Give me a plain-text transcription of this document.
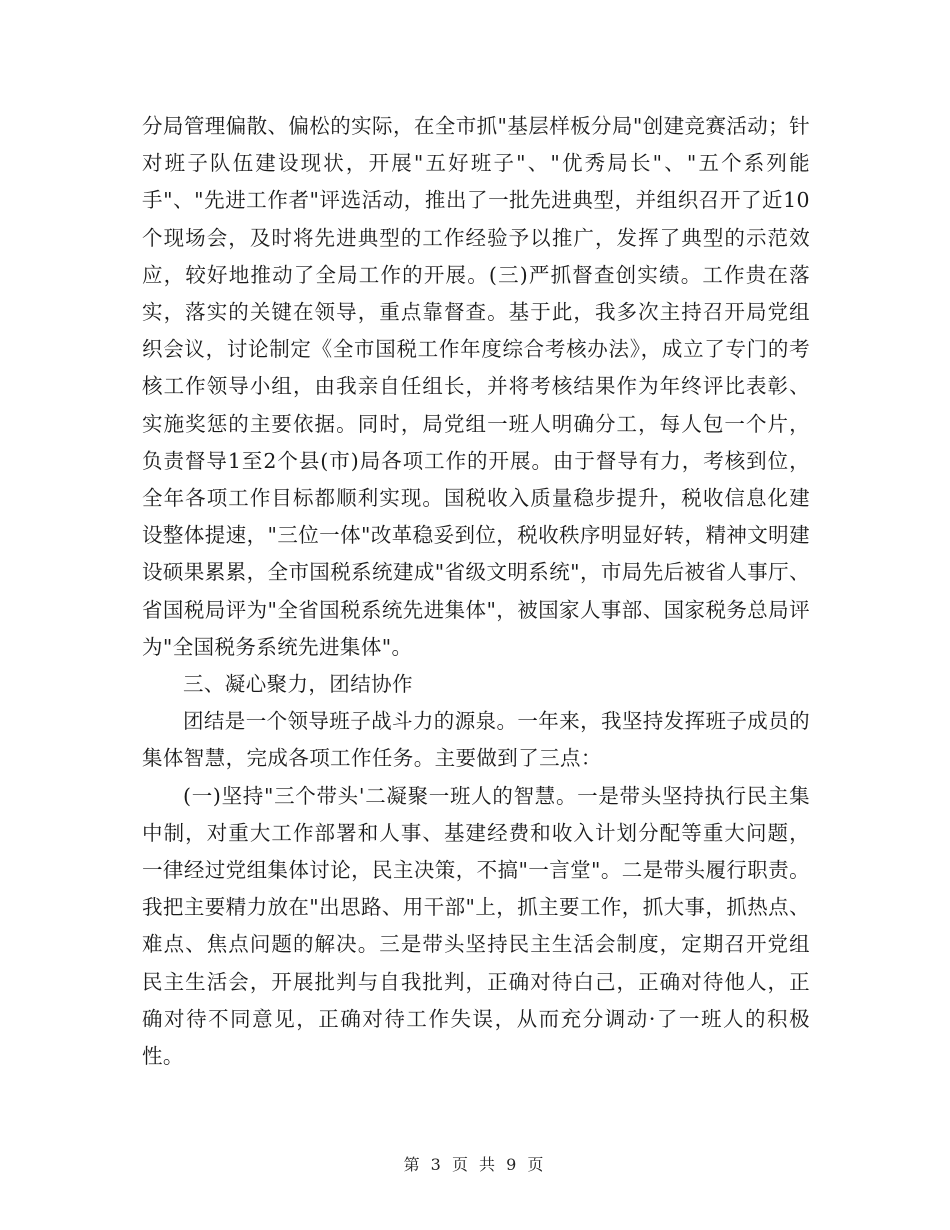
分局管理偏散、偏松的实际，在全市抓"基层样板分局"创建竞赛活动；针对班子队伍建设现状，开展"五好班子"、"优秀局长"、"五个系列能手"、"先进工作者"评选活动，推出了一批先进典型，并组织召开了近10个现场会，及时将先进典型的工作经验予以推广，发挥了典型的示范效应，较好地推动了全局工作的开展。(三)严抓督查创实绩。工作贵在落实，落实的关键在领导，重点靠督查。基于此，我多次主持召开局党组织会议，讨论制定《全市国税工作年度综合考核办法》，成立了专门的考核工作领导小组，由我亲自任组长，并将考核结果作为年终评比表彰、实施奖惩的主要依据。同时，局党组一班人明确分工，每人包一个片，负责督导1至2个县(市)局各项工作的开展。由于督导有力，考核到位，全年各项工作目标都顺利实现。国税收入质量稳步提升，税收信息化建设整体提速，"三位一体"改革稳妥到位，税收秩序明显好转，精神文明建设硕果累累，全市国税系统建成"省级文明系统"，市局先后被省人事厅、省国税局评为"全省国税系统先进集体"，被国家人事部、国家税务总局评为"全国税务系统先进集体"。

三、凝心聚力，团结协作

团结是一个领导班子战斗力的源泉。一年来，我坚持发挥班子成员的集体智慧，完成各项工作任务。主要做到了三点：

(一)坚持"三个带头'二凝聚一班人的智慧。一是带头坚持执行民主集中制，对重大工作部署和人事、基建经费和收入计划分配等重大问题，一律经过党组集体讨论，民主决策，不搞"一言堂"。二是带头履行职责。我把主要精力放在"出思路、用干部"上，抓主要工作，抓大事，抓热点、难点、焦点问题的解决。三是带头坚持民主生活会制度，定期召开党组民主生活会，开展批判与自我批判，正确对待白己，正确对待他人，正确对待不同意见，正确对待工作失误，从而充分调动·了一班人的积极性。

第 3 页 共 9 页
